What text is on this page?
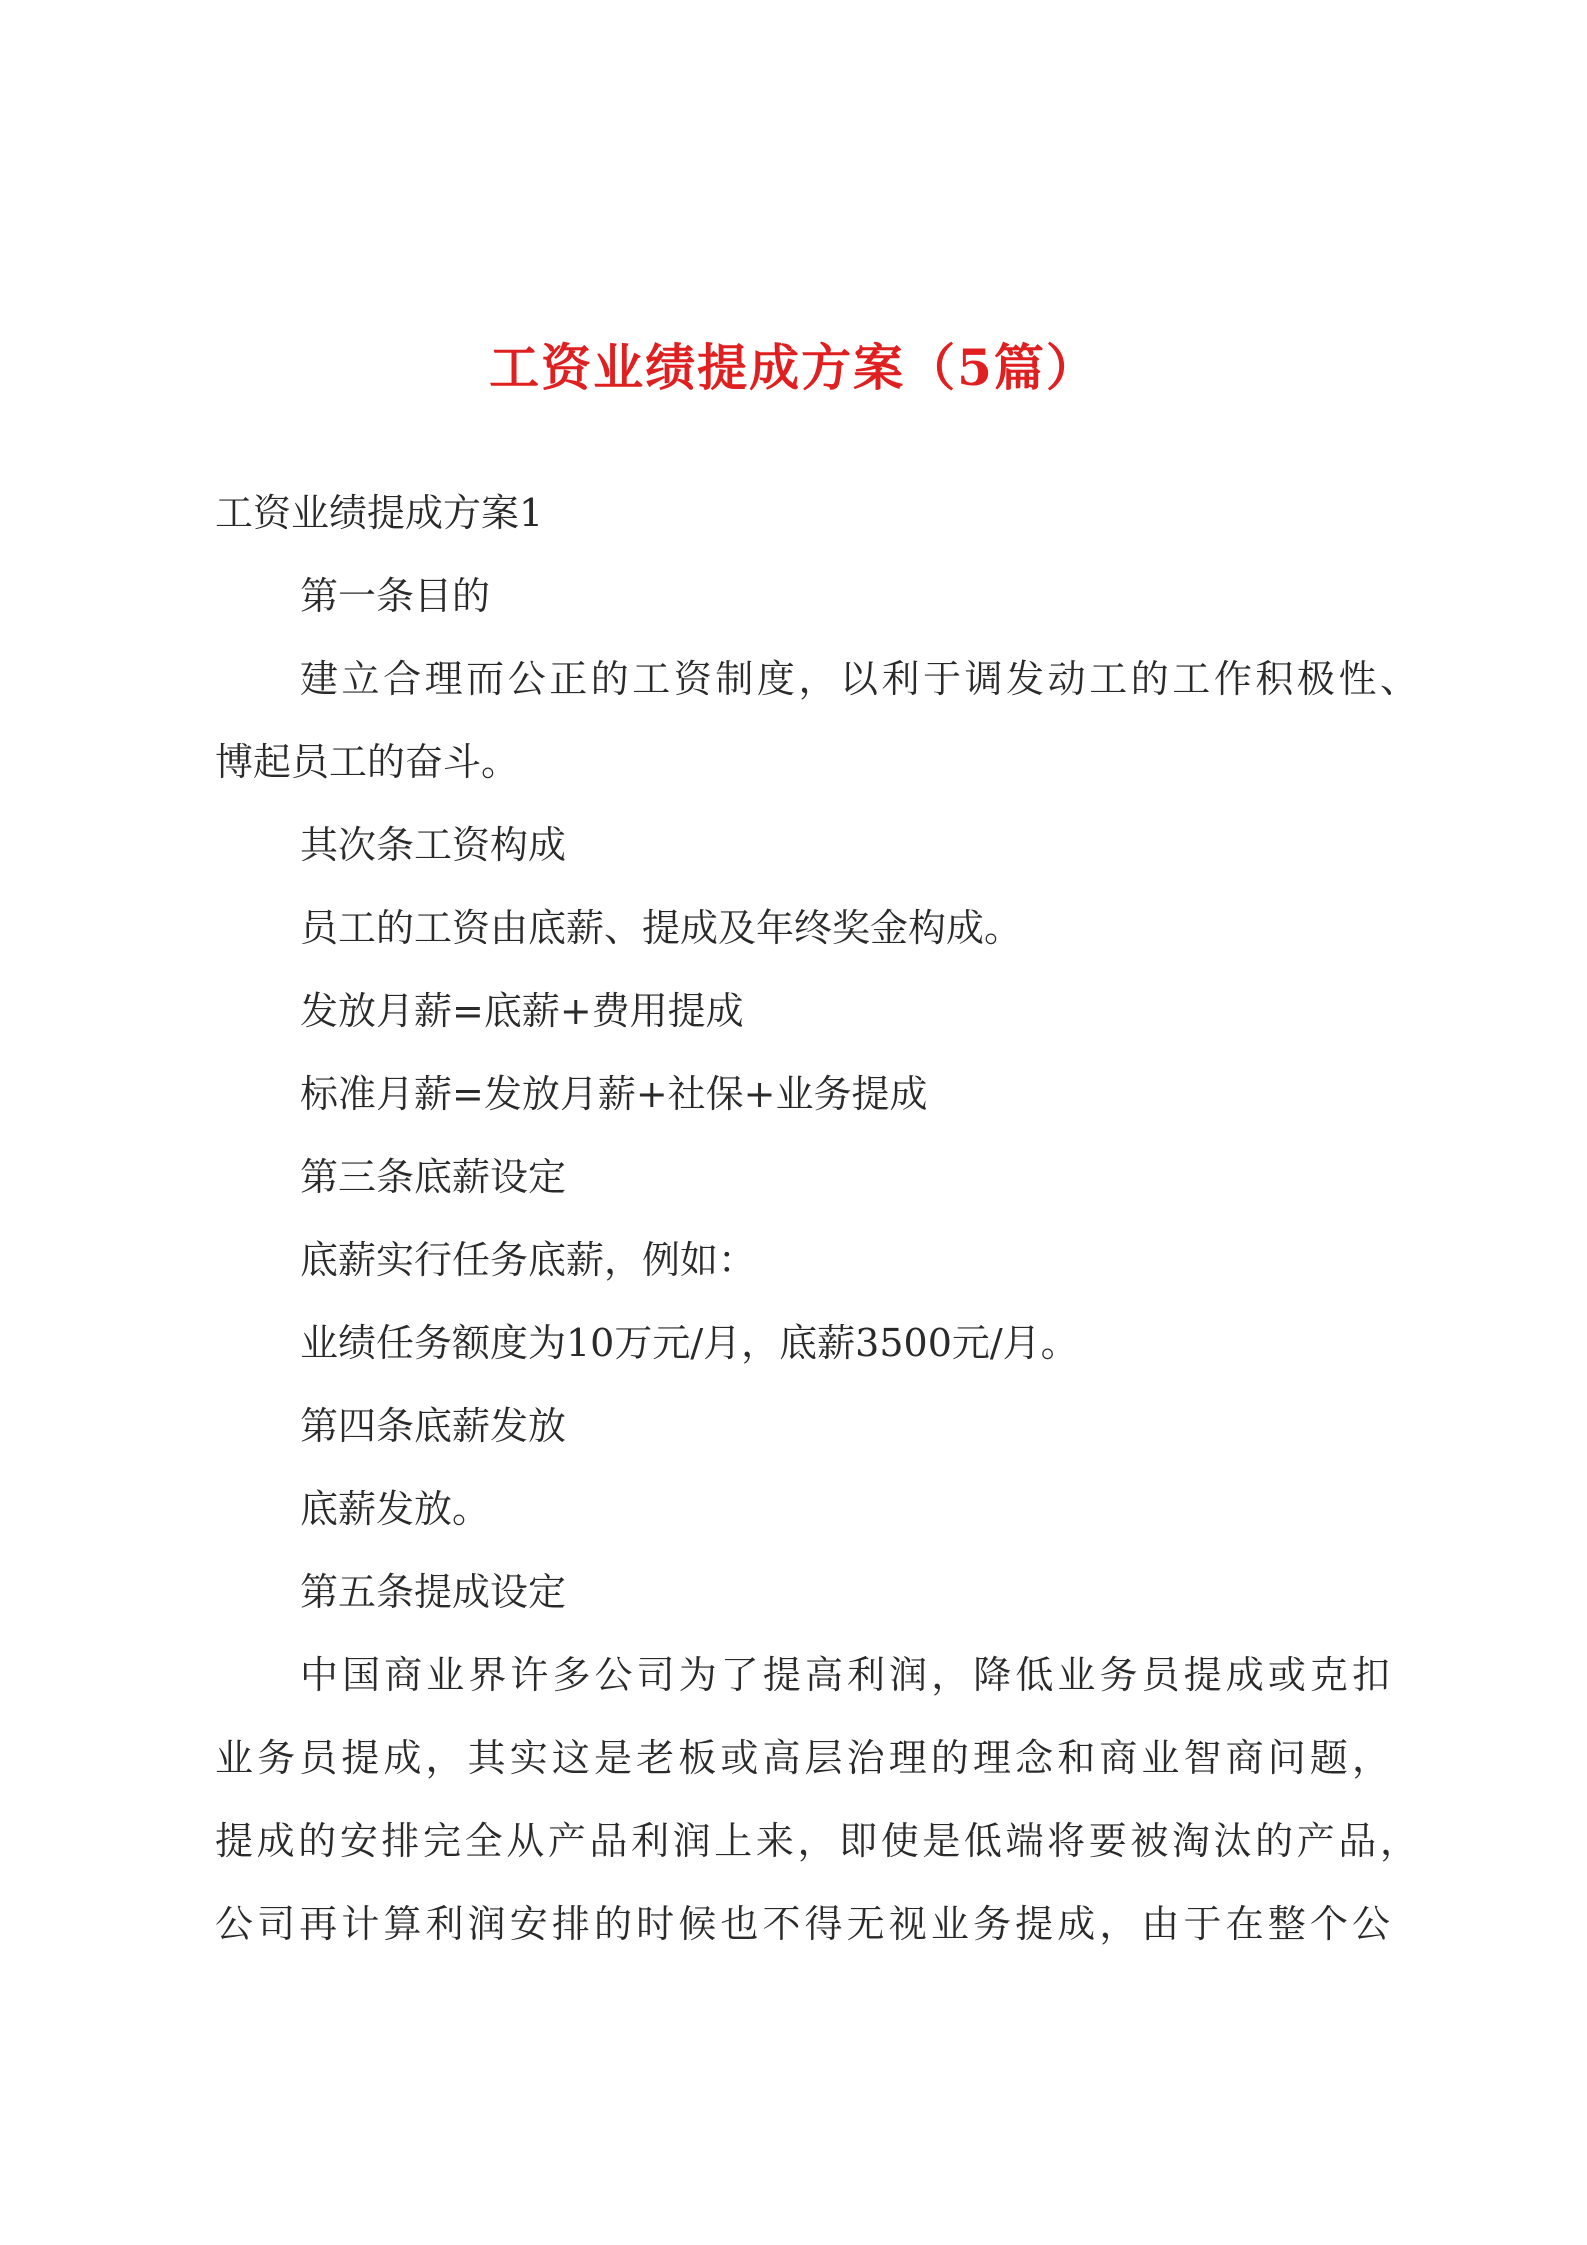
工资业绩提成方案（5篇）
工资业绩提成方案1
第一条目的
建立合理而公正的工资制度，以利于调发动工的工作积极性、
博起员工的奋斗。
其次条工资构成
员工的工资由底薪、提成及年终奖金构成。
发放月薪=底薪+费用提成
标准月薪=发放月薪+社保+业务提成
第三条底薪设定
底薪实行任务底薪，例如：
业绩任务额度为10万元/月，底薪3500元/月。
第四条底薪发放
底薪发放。
第五条提成设定
中国商业界许多公司为了提高利润，降低业务员提成或克扣
业务员提成，其实这是老板或高层治理的理念和商业智商问题，
提成的安排完全从产品利润上来，即使是低端将要被淘汰的产品，
公司再计算利润安排的时候也不得无视业务提成，由于在整个公
